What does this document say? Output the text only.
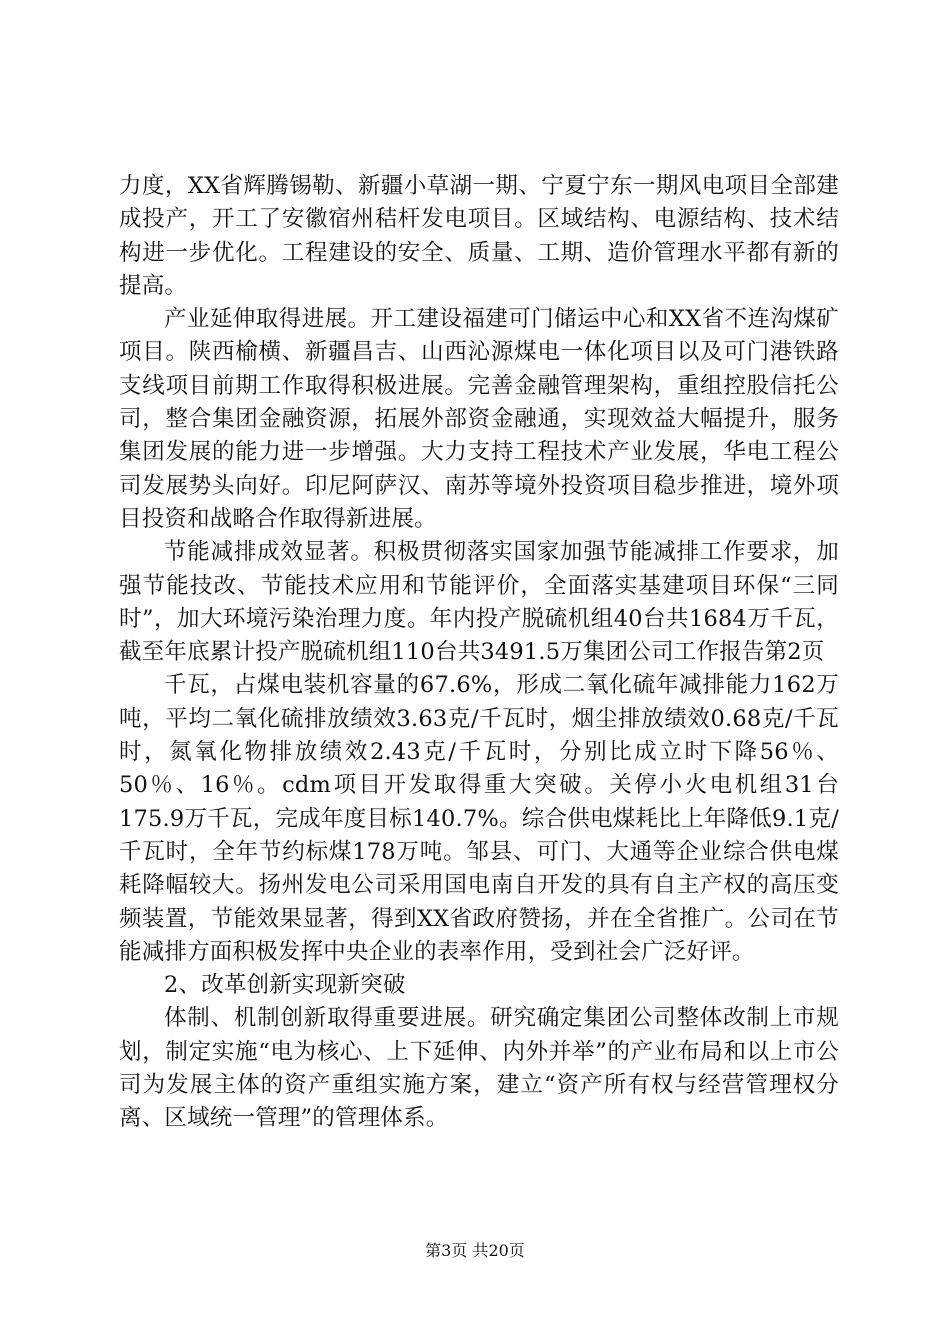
力度，XX省辉腾锡勒、新疆小草湖一期、宁夏宁东一期风电项目全部建成投产，开工了安徽宿州秸杆发电项目。区域结构、电源结构、技术结构进一步优化。工程建设的安全、质量、工期、造价管理水平都有新的提高。

产业延伸取得进展。开工建设福建可门储运中心和XX省不连沟煤矿项目。陕西榆横、新疆昌吉、山西沁源煤电一体化项目以及可门港铁路支线项目前期工作取得积极进展。完善金融管理架构，重组控股信托公司，整合集团金融资源，拓展外部资金融通，实现效益大幅提升，服务集团发展的能力进一步增强。大力支持工程技术产业发展，华电工程公司发展势头向好。印尼阿萨汉、南苏等境外投资项目稳步推进，境外项目投资和战略合作取得新进展。

节能减排成效显著。积极贯彻落实国家加强节能减排工作要求，加强节能技改、节能技术应用和节能评价，全面落实基建项目环保“三同时”，加大环境污染治理力度。年内投产脱硫机组40台共1684万千瓦，截至年底累计投产脱硫机组110台共3491.5万集团公司工作报告第2页

千瓦，占煤电装机容量的67.6%，形成二氧化硫年减排能力162万吨，平均二氧化硫排放绩效3.63克/千瓦时，烟尘排放绩效0.68克/千瓦时，氮氧化物排放绩效2.43克/千瓦时，分别比成立时下降56％、50％、16％。cdm项目开发取得重大突破。关停小火电机组31台175.9万千瓦，完成年度目标140.7%。综合供电煤耗比上年降低9.1克/千瓦时，全年节约标煤178万吨。邹县、可门、大通等企业综合供电煤耗降幅较大。扬州发电公司采用国电南自开发的具有自主产权的高压变频装置，节能效果显著，得到XX省政府赞扬，并在全省推广。公司在节能减排方面积极发挥中央企业的表率作用，受到社会广泛好评。

2、改革创新实现新突破

体制、机制创新取得重要进展。研究确定集团公司整体改制上市规划，制定实施“电为核心、上下延伸、内外并举”的产业布局和以上市公司为发展主体的资产重组实施方案，建立“资产所有权与经营管理权分离、区域统一管理”的管理体系。

第3页 共20页
